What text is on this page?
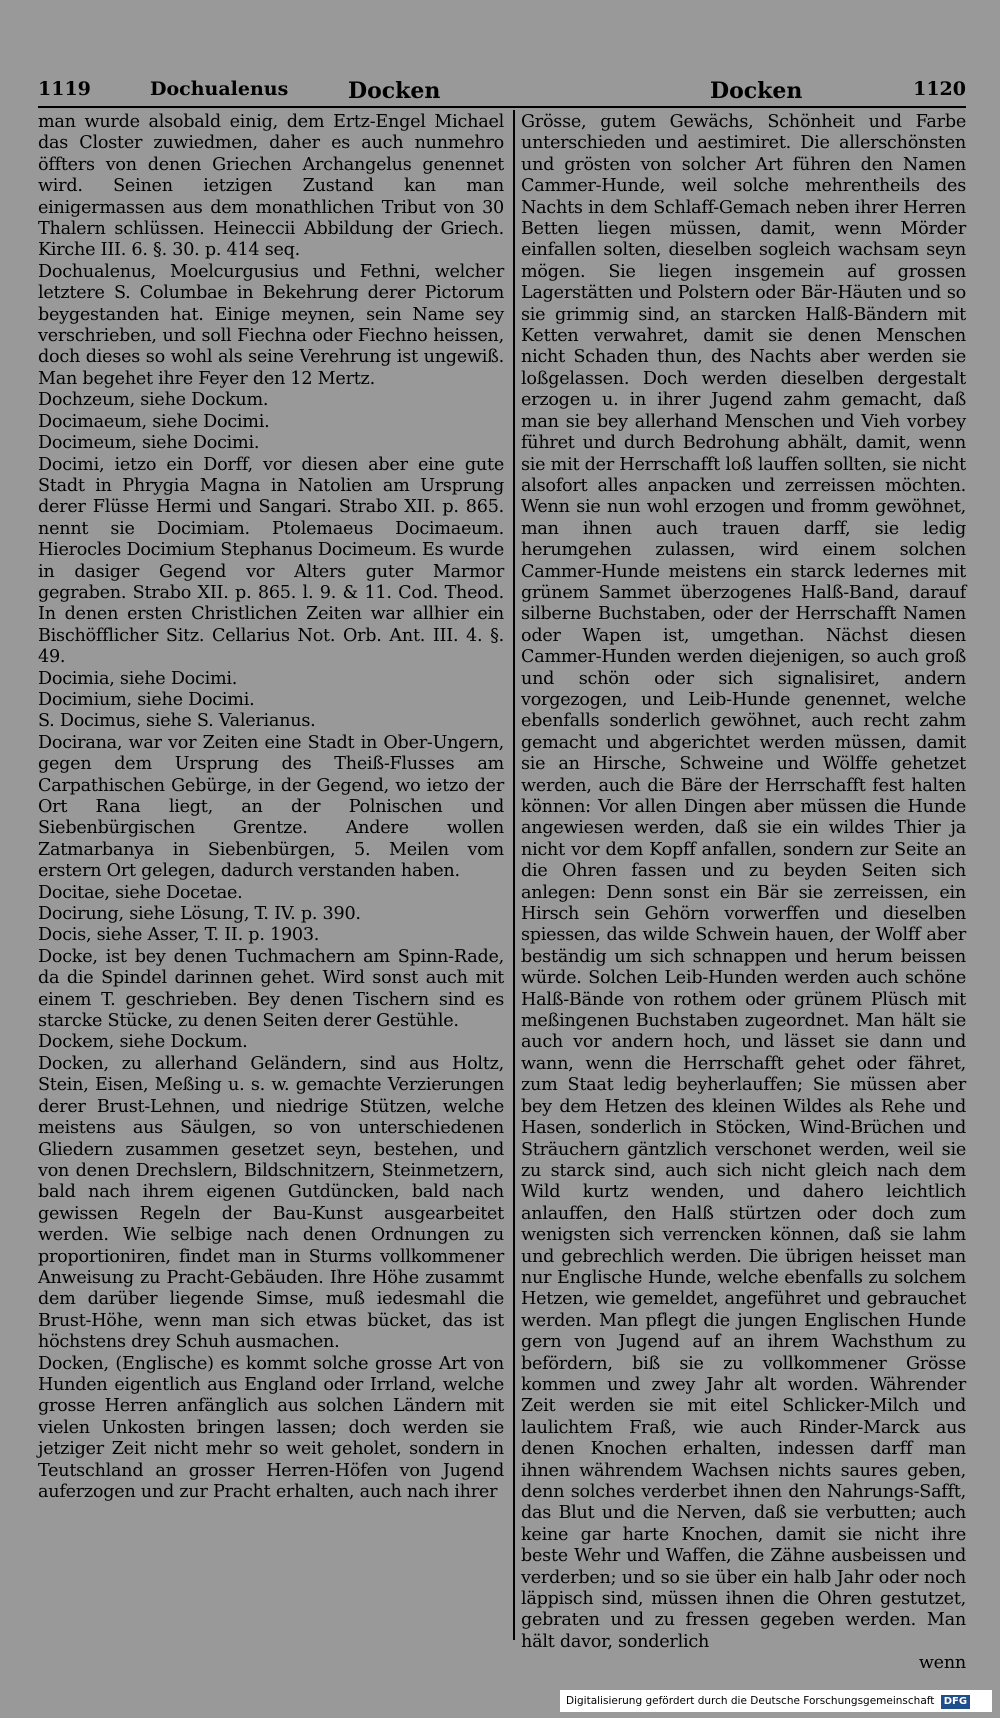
1119	Dochualenus	Docken	Docken	1120

man wurde alsobald einig, dem Ertz-Engel Michael das Closter zuwiedmen, daher es auch nunmehro öffters von denen Griechen Archangelus genennet wird. Seinen ietzigen Zustand kan man einigermassen aus dem monathlichen Tribut von 30 Thalern schlüssen. Heineccii Abbildung der Griech. Kirche III. 6. §. 30. p. 414 seq.

Dochualenus, Moelcurgusius und Fethni, welcher letztere S. Columbae in Bekehrung derer Pictorum beygestanden hat. Einige meynen, sein Name sey verschrieben, und soll Fiechna oder Fiechno heissen, doch dieses so wohl als seine Verehrung ist ungewiß. Man begehet ihre Feyer den 12 Mertz.

Dochzeum, siehe Dockum.

Docimaeum, siehe Docimi.

Docimeum, siehe Docimi.

Docimi, ietzo ein Dorff, vor diesen aber eine gute Stadt in Phrygia Magna in Natolien am Ursprung derer Flüsse Hermi und Sangari. Strabo XII. p. 865. nennt sie Docimiam. Ptolemaeus Docimaeum. Hierocles Docimium Stephanus Docimeum. Es wurde in dasiger Gegend vor Alters guter Marmor gegraben. Strabo XII. p. 865. l. 9. & 11. Cod. Theod. In denen ersten Christlichen Zeiten war allhier ein Bischöfflicher Sitz. Cellarius Not. Orb. Ant. III. 4. §. 49.

Docimia, siehe Docimi.

Docimium, siehe Docimi.

S. Docimus, siehe S. Valerianus.

Docirana, war vor Zeiten eine Stadt in Ober-Ungern, gegen dem Ursprung des Theiß-Flusses am Carpathischen Gebürge, in der Gegend, wo ietzo der Ort Rana liegt, an der Polnischen und Siebenbürgischen Grentze. Andere wollen Zatmarbanya in Siebenbürgen, 5. Meilen vom erstern Ort gelegen, dadurch verstanden haben.

Docitae, siehe Docetae.

Docirung, siehe Lösung, T. IV. p. 390.

Docis, siehe Asser, T. II. p. 1903.

Docke, ist bey denen Tuchmachern am Spinn-Rade, da die Spindel darinnen gehet. Wird sonst auch mit einem T. geschrieben. Bey denen Tischern sind es starcke Stücke, zu denen Seiten derer Gestühle.

Dockem, siehe Dockum.

Docken, zu allerhand Geländern, sind aus Holtz, Stein, Eisen, Meßing u. s. w. gemachte Verzierungen derer Brust-Lehnen, und niedrige Stützen, welche meistens aus Säulgen, so von unterschiedenen Gliedern zusammen gesetzet seyn, bestehen, und von denen Drechslern, Bildschnitzern, Steinmetzern, bald nach ihrem eigenen Gutdüncken, bald nach gewissen Regeln der Bau-Kunst ausgearbeitet werden. Wie selbige nach denen Ordnungen zu proportioniren, findet man in Sturms vollkommener Anweisung zu Pracht-Gebäuden. Ihre Höhe zusammt dem darüber liegende Simse, muß iedesmahl die Brust-Höhe, wenn man sich etwas bücket, das ist höchstens drey Schuh ausmachen.

Docken, (Englische) es kommt solche grosse Art von Hunden eigentlich aus England oder Irrland, welche grosse Herren anfänglich aus solchen Ländern mit vielen Unkosten bringen lassen; doch werden sie jetziger Zeit nicht mehr so weit geholet, sondern in Teutschland an grosser Herren-Höfen von Jugend auferzogen und zur Pracht erhalten, auch nach ihrer

Grösse, gutem Gewächs, Schönheit und Farbe unterschieden und aestimiret. Die allerschönsten und grösten von solcher Art führen den Namen Cammer-Hunde, weil solche mehrentheils des Nachts in dem Schlaff-Gemach neben ihrer Herren Betten liegen müssen, damit, wenn Mörder einfallen solten, dieselben sogleich wachsam seyn mögen. Sie liegen insgemein auf grossen Lagerstätten und Polstern oder Bär-Häuten und so sie grimmig sind, an starcken Halß-Bändern mit Ketten verwahret, damit sie denen Menschen nicht Schaden thun, des Nachts aber werden sie loßgelassen. Doch werden dieselben dergestalt erzogen u. in ihrer Jugend zahm gemacht, daß man sie bey allerhand Menschen und Vieh vorbey führet und durch Bedrohung abhält, damit, wenn sie mit der Herrschafft loß lauffen sollten, sie nicht alsofort alles anpacken und zerreissen möchten. Wenn sie nun wohl erzogen und fromm gewöhnet, man ihnen auch trauen darff, sie ledig herumgehen zulassen, wird einem solchen Cammer-Hunde meistens ein starck ledernes mit grünem Sammet überzogenes Halß-Band, darauf silberne Buchstaben, oder der Herrschafft Namen oder Wapen ist, umgethan. Nächst diesen Cammer-Hunden werden diejenigen, so auch groß und schön oder sich signalisiret, andern vorgezogen, und Leib-Hunde genennet, welche ebenfalls sonderlich gewöhnet, auch recht zahm gemacht und abgerichtet werden müssen, damit sie an Hirsche, Schweine und Wölffe gehetzet werden, auch die Bäre der Herrschafft fest halten können: Vor allen Dingen aber müssen die Hunde angewiesen werden, daß sie ein wildes Thier ja nicht vor dem Kopff anfallen, sondern zur Seite an die Ohren fassen und zu beyden Seiten sich anlegen: Denn sonst ein Bär sie zerreissen, ein Hirsch sein Gehörn vorwerffen und dieselben spiessen, das wilde Schwein hauen, der Wolff aber beständig um sich schnappen und herum beissen würde. Solchen Leib-Hunden werden auch schöne Halß-Bände von rothem oder grünem Plüsch mit meßingenen Buchstaben zugeordnet. Man hält sie auch vor andern hoch, und lässet sie dann und wann, wenn die Herrschafft gehet oder fähret, zum Staat ledig beyherlauffen; Sie müssen aber bey dem Hetzen des kleinen Wildes als Rehe und Hasen, sonderlich in Stöcken, Wind-Brüchen und Sträuchern gäntzlich verschonet werden, weil sie zu starck sind, auch sich nicht gleich nach dem Wild kurtz wenden, und dahero leichtlich anlauffen, den Halß stürtzen oder doch zum wenigsten sich verrencken können, daß sie lahm und gebrechlich werden. Die übrigen heisset man nur Englische Hunde, welche ebenfalls zu solchem Hetzen, wie gemeldet, angeführet und gebrauchet werden. Man pflegt die jungen Englischen Hunde gern von Jugend auf an ihrem Wachsthum zu befördern, biß sie zu vollkommener Grösse kommen und zwey Jahr alt worden. Währender Zeit werden sie mit eitel Schlicker-Milch und laulichtem Fraß, wie auch Rinder-Marck aus denen Knochen erhalten, indessen darff man ihnen währendem Wachsen nichts saures geben, denn solches verderbet ihnen den Nahrungs-Safft, das Blut und die Nerven, daß sie verbutten; auch keine gar harte Knochen, damit sie nicht ihre beste Wehr und Waffen, die Zähne ausbeissen und verderben; und so sie über ein halb Jahr oder noch läppisch sind, müssen ihnen die Ohren gestutzet, gebraten und zu fressen gegeben werden. Man hält davor, sonderlich

wenn

Digitalisierung gefördert durch die Deutsche Forschungsgemeinschaft DFG
